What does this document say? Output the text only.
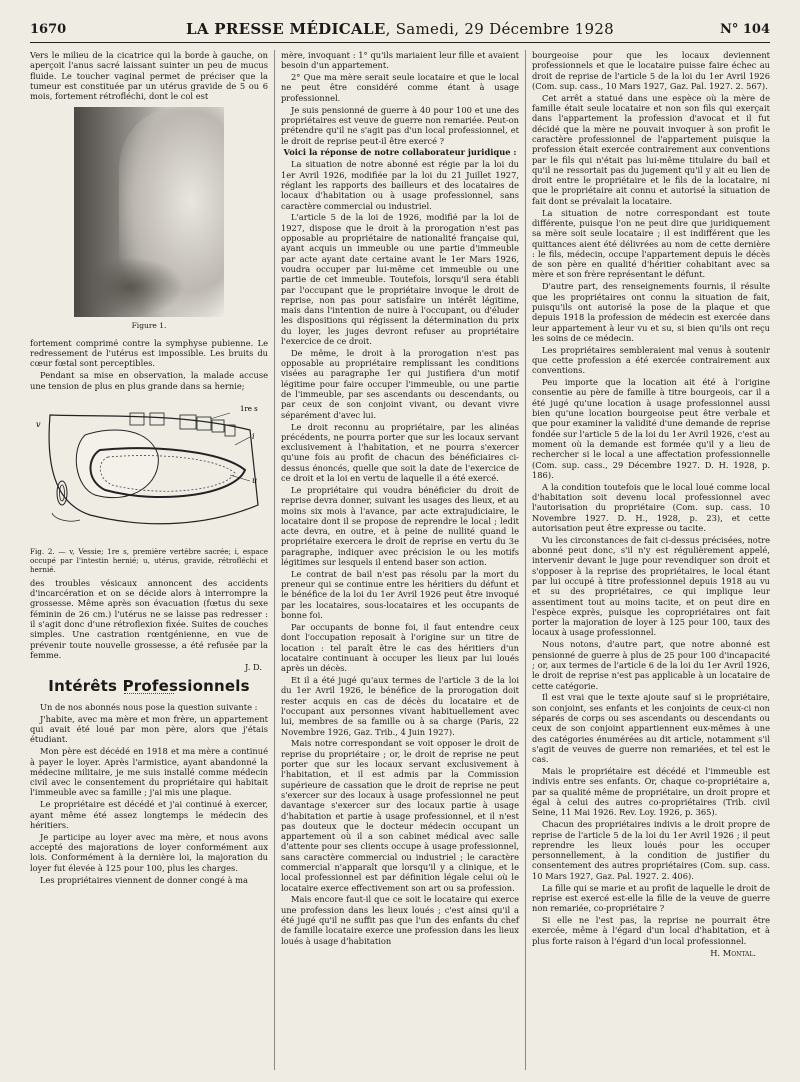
1670	LA PRESSE MÉDICALE, Samedi, 29 Décembre 1928	N° 104

Vers le milieu de la cicatrice qui la borde à gauche, on aperçoit l'anus sacré laissant suinter un peu de mucus fluide. Le toucher vaginal permet de préciser que la tumeur est constituée par un utérus gravide de 5 ou 6 mois, fortement rétrofléchi, dont le col est

Figure 1.

fortement comprimé contre la symphyse pubienne. Le redressement de l'utérus est impossible. Les bruits du cœur fœtal sont perceptibles.

Pendant sa mise en observation, la malade accuse une tension de plus en plus grande dans sa hernie;

v
1re s
i
u
Fig. 2. — v, Vessie; 1re s, première vertèbre sacrée; i, espace occupé par l'intestin hernié; u, utérus, gravide, rétrofléchi et hernié.

des troubles vésicaux annoncent des accidents d'incarcération et on se décide alors à interrompre la grossesse. Même après son évacuation (fœtus du sexe féminin de 26 cm.) l'utérus ne se laisse pas redresser : il s'agit donc d'une rétroflexion fixée. Suites de couches simples. Une castration rœntgénienne, en vue de prévenir toute nouvelle grossesse, a été refusée par la femme.

J. D.
Intérêts Professionnels

Un de nos abonnés nous pose la question suivante :

J'habite, avec ma mère et mon frère, un appartement qui avait été loué par mon père, alors que j'étais étudiant.

Mon père est décédé en 1918 et ma mère a continué à payer le loyer. Après l'armistice, ayant abandonné la médecine militaire, je me suis installé comme médecin civil avec le consentement du propriétaire qui habitait l'immeuble avec sa famille ; j'ai mis une plaque.

Le propriétaire est décédé et j'ai continué à exercer, ayant même été assez longtemps le médecin des héritiers.

Je participe au loyer avec ma mère, et nous avons accepté des majorations de loyer conformément aux lois. Conformément à la dernière loi, la majoration du loyer fut élevée à 125 pour 100, plus les charges.

Les propriétaires viennent de donner congé à ma

mère, invoquant : 1° qu'ils mariaient leur fille et avaient besoin d'un appartement.

2° Que ma mère serait seule locataire et que le local ne peut être considéré comme étant à usage professionnel.

Je suis pensionné de guerre à 40 pour 100 et une des propriétaires est veuve de guerre non remariée. Peut-on prétendre qu'il ne s'agit pas d'un local professionnel, et le droit de reprise peut-il être exercé ?

Voici la réponse de notre collaborateur juridique :

La situation de notre abonné est régie par la loi du 1er Avril 1926, modifiée par la loi du 21 Juillet 1927, réglant les rapports des bailleurs et des locataires de locaux d'habitation ou à usage professionnel, sans caractère commercial ou industriel.

L'article 5 de la loi de 1926, modifié par la loi de 1927, dispose que le droit à la prorogation n'est pas opposable au propriétaire de nationalité française qui, ayant acquis un immeuble ou une partie d'immeuble par acte ayant date certaine avant le 1er Mars 1926, voudra occuper par lui-même cet immeuble ou une partie de cet immeuble. Toutefois, lorsqu'il sera établi par l'occupant que le propriétaire invoque le droit de reprise, non pas pour satisfaire un intérêt légitime, mais dans l'intention de nuire à l'occupant, ou d'éluder les dispositions qui régissent la détermination du prix du loyer, les juges devront refuser au propriétaire l'exercice de ce droit.

De même, le droit à la prorogation n'est pas opposable au propriétaire remplissant les conditions visées au paragraphe 1er qui justifiera d'un motif légitime pour faire occuper l'immeuble, ou une partie de l'immeuble, par ses ascendants ou descendants, ou par ceux de son conjoint vivant, ou devant vivre séparément d'avec lui.

Le droit reconnu au propriétaire, par les alinéas précédents, ne pourra porter que sur les locaux servant exclusivement à l'habitation, et ne pourra s'exercer qu'une fois au profit de chacun des bénéficiaires ci-dessus énoncés, quelle que soit la date de l'exercice de ce droit et la loi en vertu de laquelle il a été exercé.

Le propriétaire qui voudra bénéficier du droit de reprise devra donner, suivant les usages des lieux, et au moins six mois à l'avance, par acte extrajudiciaire, le locataire dont il se propose de reprendre le local ; ledit acte devra, en outre, et à peine de nullité quand le propriétaire exercera le droit de reprise en vertu du 3e paragraphe, indiquer avec précision le ou les motifs légitimes sur lesquels il entend baser son action.

Le contrat de bail n'est pas résolu par la mort du preneur qui se continue entre les héritiers du défunt et le bénéfice de la loi du 1er Avril 1926 peut être invoqué par les locataires, sous-locataires et les occupants de bonne foi.

Par occupants de bonne foi, il faut entendre ceux dont l'occupation reposait à l'origine sur un titre de location : tel paraît être le cas des héritiers d'un locataire continuant à occuper les lieux par lui loués après un décès.

Et il a été jugé qu'aux termes de l'article 3 de la loi du 1er Avril 1926, le bénéfice de la prorogation doit rester acquis en cas de décès du locataire et de l'occupant aux personnes vivant habituellement avec lui, membres de sa famille ou à sa charge (Paris, 22 Novembre 1926, Gaz. Trib., 4 Juin 1927).

Mais notre correspondant se voit opposer le droit de reprise du propriétaire ; or, le droit de reprise ne peut porter que sur les locaux servant exclusivement à l'habitation, et il est admis par la Commission supérieure de cassation que le droit de reprise ne peut s'exercer sur des locaux à usage professionnel ne peut davantage s'exercer sur des locaux partie à usage d'habitation et partie à usage professionnel, et il n'est pas douteux que le docteur médecin occupant un appartement où il a son cabinet médical avec salle d'attente pour ses clients occupe à usage professionnel, sans caractère commercial ou industriel ; le caractère commercial n'apparaît que lorsqu'il y a clinique, et le local professionnel est par définition légale celui où le locataire exerce effectivement son art ou sa profession.

Mais encore faut-il que ce soit le locataire qui exerce une profession dans les lieux loués ; c'est ainsi qu'il a été jugé qu'il ne suffit pas que l'un des enfants du chef de famille locataire exerce une profession dans les lieux loués à usage d'habitation

bourgeoise pour que les locaux deviennent professionnels et que le locataire puisse faire échec au droit de reprise de l'article 5 de la loi du 1er Avril 1926 (Com. sup. cass., 10 Mars 1927, Gaz. Pal. 1927. 2. 567).

Cet arrêt a statué dans une espèce où la mère de famille était seule locataire et non son fils qui exerçait dans l'appartement la profession d'avocat et il fut décidé que la mère ne pouvait invoquer à son profit le caractère professionnel de l'appartement puisque la profession était exercée contrairement aux conventions par le fils qui n'était pas lui-même titulaire du bail et qu'il ne ressortait pas du jugement qu'il y ait eu lien de droit entre le propriétaire et le fils de la locataire, ni que le propriétaire ait connu et autorisé la situation de fait dont se prévalait la locataire.

La situation de notre correspondant est toute différente, puisque l'on ne peut dire que juridiquement sa mère soit seule locataire ; il est indifférent que les quittances aient été délivrées au nom de cette dernière : le fils, médecin, occupe l'appartement depuis le décès de son père en qualité d'héritier cohabitant avec sa mère et son frère représentant le défunt.

D'autre part, des renseignements fournis, il résulte que les propriétaires ont connu la situation de fait, puisqu'ils ont autorisé la pose de la plaque et que depuis 1918 la profession de médecin est exercée dans leur appartement à leur vu et su, si bien qu'ils ont reçu les soins de ce médecin.

Les propriétaires sembleraient mal venus à soutenir que cette profession a été exercée contrairement aux conventions.

Peu importe que la location ait été à l'origine consentie au père de famille à titre bourgeois, car il a été jugé qu'une location à usage professionnel aussi bien qu'une location bourgeoise peut être verbale et que pour examiner la validité d'une demande de reprise fondée sur l'article 5 de la loi du 1er Avril 1926, c'est au moment où la demande est formée qu'il y a lieu de rechercher si le local a une affectation professionnelle (Com. sup. cass., 29 Décembre 1927. D. H. 1928, p. 186).

A la condition toutefois que le local loué comme local d'habitation soit devenu local professionnel avec l'autorisation du propriétaire (Com. sup. cass. 10 Novembre 1927. D. H., 1928, p. 23), et cette autorisation peut être expresse ou tacite.

Vu les circonstances de fait ci-dessus précisées, notre abonné peut donc, s'il n'y est régulièrement appelé, intervenir devant le juge pour revendiquer son droit et s'opposer à la reprise des propriétaires, le local étant par lui occupé à titre professionnel depuis 1918 au vu et su des propriétaires, ce qui implique leur assentiment tout au moins tacite, et on peut dire en l'espèce exprès, puisque les copropriétaires ont fait porter la majoration de loyer à 125 pour 100, taux des locaux à usage professionnel.

Nous notons, d'autre part, que notre abonné est pensionné de guerre à plus de 25 pour 100 d'incapacité ; or, aux termes de l'article 6 de la loi du 1er Avril 1926, le droit de reprise n'est pas applicable à un locataire de cette catégorie.

Il est vrai que le texte ajoute sauf si le propriétaire, son conjoint, ses enfants et les conjoints de ceux-ci non séparés de corps ou ses ascendants ou descendants ou ceux de son conjoint appartiennent eux-mêmes à une des catégories énumérées au dit article, notamment s'il s'agit de veuves de guerre non remariées, et tel est le cas.

Mais le propriétaire est décédé et l'immeuble est indivis entre ses enfants. Or, chaque co-propriétaire a, par sa qualité même de propriétaire, un droit propre et égal à celui des autres co-propriétaires (Trib. civil Seine, 11 Mai 1926. Rev. Loy. 1926, p. 365).

Chacun des propriétaires indivis a le droit propre de reprise de l'article 5 de la loi du 1er Avril 1926 ; il peut reprendre les lieux loués pour les occuper personnellement, à la condition de justifier du consentement des autres propriétaires (Com. sup. cass. 10 Mars 1927, Gaz. Pal. 1927. 2. 406).

La fille qui se marie et au profit de laquelle le droit de reprise est exercé est-elle la fille de la veuve de guerre non remariée, co-propriétaire ?

Si elle ne l'est pas, la reprise ne pourrait être exercée, même à l'égard d'un local d'habitation, et à plus forte raison à l'égard d'un local professionnel.

H. Montal.
